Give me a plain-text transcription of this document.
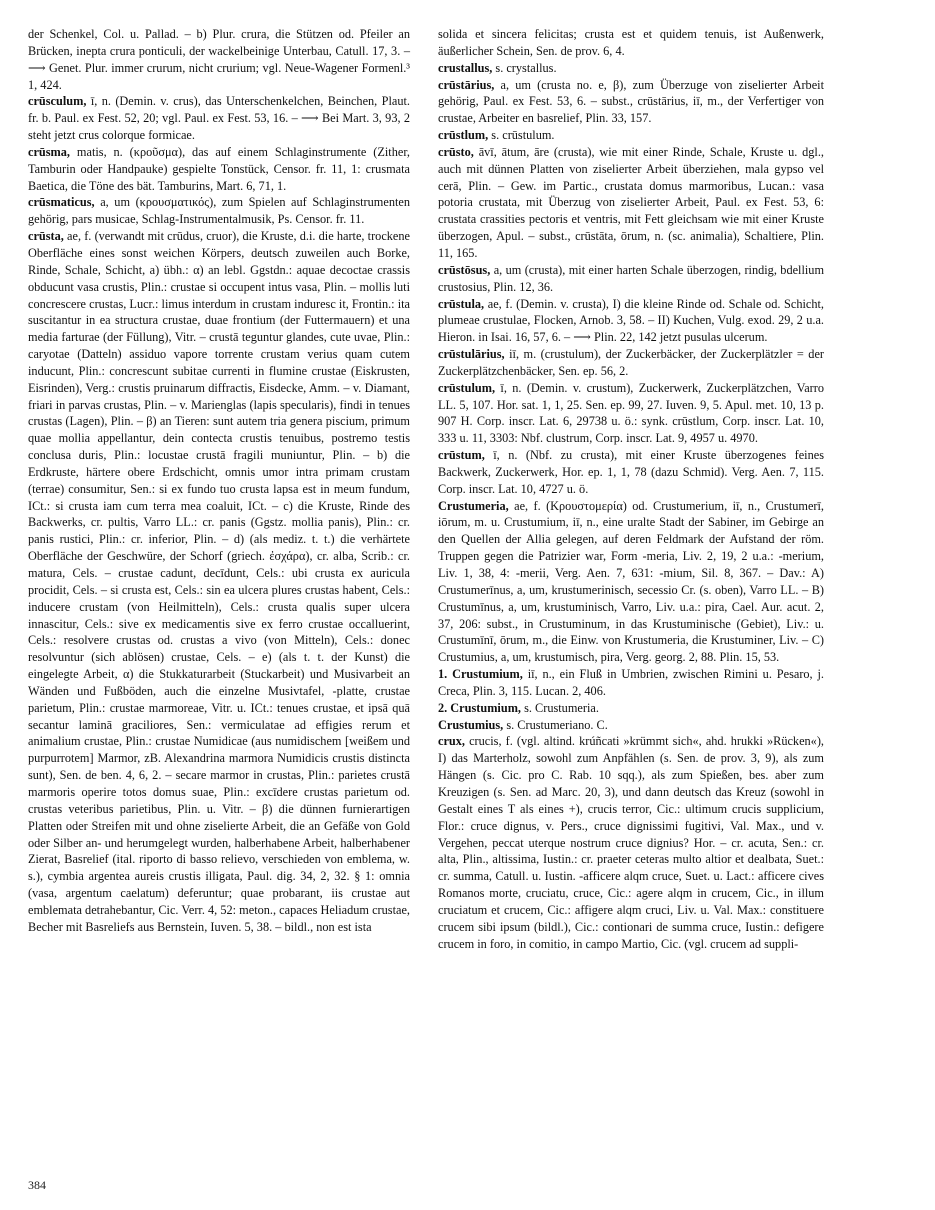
der Schenkel, Col. u. Pallad. – b) Plur. crura, die Stützen od. Pfeiler an Brücken, inepta crura ponticuli, der wackelbeinige Unterbau, Catull. 17, 3. – ⟶ Genet. Plur. immer crurum, nicht crurium; vgl. Neue-Wagener Formenl.³ 1, 424.

crūsculum, ī, n. (Demin. v. crus), das Unterschenkelchen, Beinchen, Plaut. fr. b. Paul. ex Fest. 52, 20; vgl. Paul. ex Fest. 53, 16. – ⟶ Bei Mart. 3, 93, 2 steht jetzt crus colorque formicae.

crūsma, matis, n. (κροῦσμα), das auf einem Schlaginstrumente (Zither, Tamburin oder Handpauke) gespielte Tonstück, Censor. fr. 11, 1: crusmata Baetica, die Töne des bät. Tamburins, Mart. 6, 71, 1.

crūsmaticus, a, um (κρουσματικός), zum Spielen auf Schlaginstrumenten gehörig, pars musicae, Schlag-Instrumentalmusik, Ps. Censor. fr. 11.

crūsta, ae, f. (verwandt mit crūdus, cruor), die Kruste, d.i. die harte, trockene Oberfläche eines sonst weichen Körpers, deutsch zuweilen auch Borke, Rinde, Schale, Schicht, a) übh.: α) an lebl. Ggstdn.: aquae decoctae crassis obducunt vasa crustis, Plin.: crustae si occupent intus vasa, Plin. – mollis luti concrescere crustas, Lucr.: limus interdum in crustam induresc it, Frontin.: ita suscitantur in ea structura crustae, duae frontium (der Futtermauern) et una media farturae (der Füllung), Vitr. – crustā teguntur glandes, cute uvae, Plin.: caryotae (Datteln) assiduo vapore torrente crustam verius quam cutem inducunt, Plin.: concrescunt subitae currenti in flumine crustae (Eiskrusten, Eisrinden), Verg.: crustis pruinarum diffractis, Eisdecke, Amm. – v. Diamant, friari in parvas crustas, Plin. – v. Marienglas (lapis specularis), findi in tenues crustas (Lagen), Plin. – β) an Tieren: sunt autem tria genera piscium, primum quae mollia appellantur, dein contecta crustis tenuibus, postremo testis conclusa duris, Plin.: locustae crustā fragili muniuntur, Plin. – b) die Erdkruste, härtere obere Erdschicht, omnis umor intra primam crustam (terrae) consumitur, Sen.: si ex fundo tuo crusta lapsa est in meum fundum, ICt.: si crusta iam cum terra mea coaluit, ICt. – c) die Kruste, Rinde des Backwerks, cr. pultis, Varro LL.: cr. panis (Ggstz. mollia panis), Plin.: cr. panis rustici, Plin.: cr. inferior, Plin. – d) (als mediz. t. t.) die verhärtete Oberfläche der Geschwüre, der Schorf (griech. ἐσχάρα), cr. alba, Scrib.: cr. matura, Cels. – crustae cadunt, decīdunt, Cels.: ubi crusta ex auricula procidit, Cels. – si crusta est, Cels.: sin ea ulcera plures crustas habent, Cels.: inducere crustam (von Heilmitteln), Cels.: crusta qualis super ulcera innascitur, Cels.: sive ex medicamentis sive ex ferro crustae occalluerint, Cels.: resolvere crustas od. crustas a vivo (von Mitteln), Cels.: donec resolvuntur (sich ablösen) crustae, Cels. – e) (als t. t. der Kunst) die eingelegte Arbeit, α) die Stukkaturarbeit (Stuckarbeit) und Musivarbeit an Wänden und Fußböden, auch die einzelne Musivtafel, -platte, crustae parietum, Plin.: crustae marmoreae, Vitr. u. ICt.: tenues crustae, et ipsā quā secantur laminā graciliores, Sen.: vermiculatae ad effigies rerum et animalium crustae, Plin.: crustae Numidicae (aus numidischem [weißem und purpurrotem] Marmor, zB. Alexandrina marmora Numidicis crustis distincta sunt), Sen. de ben. 4, 6, 2. – secare marmor in crustas, Plin.: parietes crustā marmoris operire totos domus suae, Plin.: excīdere crustas parietum od. crustas veteribus parietibus, Plin. u. Vitr. – β) die dünnen furnierartigen Platten oder Streifen mit und ohne ziselierte Arbeit, die an Gefäße von Gold oder Silber an- und herumgelegt wurden, halberhabene Arbeit, halberhabener Zierat, Basrelief (ital. riporto di basso relievo, verschieden von emblema, w. s.), cymbia argentea aureis crustis illigata, Paul. dig. 34, 2, 32. § 1: omnia (vasa, argentum caelatum) deferuntur; quae probarant, iis crustae aut emblemata detrahebantur, Cic. Verr. 4, 52: meton., capaces Heliadum crustae, Becher mit Basreliefs aus Bernstein, Iuven. 5, 38. – bildl., non est ista

solida et sincera felicitas; crusta est et quidem tenuis, ist Außenwerk, äußerlicher Schein, Sen. de prov. 6, 4.

crustallus, s. crystallus.

crūstārius, a, um (crusta no. e, β), zum Überzuge von ziselierter Arbeit gehörig, Paul. ex Fest. 53, 6. – subst., crūstārius, iī, m., der Verfertiger von crustae, Arbeiter en basrelief, Plin. 33, 157.

crūstlum, s. crūstulum.

crūsto, āvī, ātum, āre (crusta), wie mit einer Rinde, Schale, Kruste u. dgl., auch mit dünnen Platten von ziselierter Arbeit überziehen, mala gypso vel cerā, Plin. – Gew. im Partic., crustata domus marmoribus, Lucan.: vasa potoria crustata, mit Überzug von ziselierter Arbeit, Paul. ex Fest. 53, 6: crustata crassities pectoris et ventris, mit Fett gleichsam wie mit einer Kruste überzogen, Apul. – subst., crūstāta, ōrum, n. (sc. animalia), Schaltiere, Plin. 11, 165.

crūstōsus, a, um (crusta), mit einer harten Schale überzogen, rindig, bdellium crustosius, Plin. 12, 36.

crūstula, ae, f. (Demin. v. crusta), I) die kleine Rinde od. Schale od. Schicht, plumeae crustulae, Flocken, Arnob. 3, 58. – II) Kuchen, Vulg. exod. 29, 2 u.a. Hieron. in Isai. 16, 57, 6. – ⟶ Plin. 22, 142 jetzt pusulas ulcerum.

crūstulārius, iī, m. (crustulum), der Zuckerbäcker, der Zuckerplätzler = der Zuckerplätzchenbäcker, Sen. ep. 56, 2.

crūstulum, ī, n. (Demin. v. crustum), Zuckerwerk, Zuckerplätzchen, Varro LL. 5, 107. Hor. sat. 1, 1, 25. Sen. ep. 99, 27. Iuven. 9, 5. Apul. met. 10, 13 p. 907 H. Corp. inscr. Lat. 6, 29738 u. ö.: synk. crūstlum, Corp. inscr. Lat. 10, 333 u. 11, 3303: Nbf. clustrum, Corp. inscr. Lat. 9, 4957 u. 4970.

crūstum, ī, n. (Nbf. zu crusta), mit einer Kruste überzogenes feines Backwerk, Zuckerwerk, Hor. ep. 1, 1, 78 (dazu Schmid). Verg. Aen. 7, 115. Corp. inscr. Lat. 10, 4727 u. ö.

Crustumeria, ae, f. (Κρουστομερία) od. Crustumerium, iī, n., Crustumerī, iōrum, m. u. Crustumium, iī, n., eine uralte Stadt der Sabiner, im Gebirge an den Quellen der Allia gelegen, auf deren Feldmark der Aufstand der röm. Truppen gegen die Patrizier war, Form -meria, Liv. 2, 19, 2 u.a.: -merium, Liv. 1, 38, 4: -merii, Verg. Aen. 7, 631: -mium, Sil. 8, 367. – Dav.: A) Crustumerīnus, a, um, krustumerinisch, secessio Cr. (s. oben), Varro LL. – B) Crustumīnus, a, um, krustuminisch, Varro, Liv. u.a.: pira, Cael. Aur. acut. 2, 37, 206: subst., in Crustuminum, in das Krustuminische (Gebiet), Liv.: u. Crustumīnī, ōrum, m., die Einw. von Krustumeria, die Krustuminer, Liv. – C) Crustumius, a, um, krustumisch, pira, Verg. georg. 2, 88. Plin. 15, 53.

1. Crustumium, iī, n., ein Fluß in Umbrien, zwischen Rimini u. Pesaro, j. Creca, Plin. 3, 115. Lucan. 2, 406.

2. Crustumium, s. Crustumeria.

Crustumius, s. Crustumeriano. C.

crux, crucis, f. (vgl. altind. krúñcati »krümmt sich«, ahd. hrukki »Rücken«), I) das Marterholz, sowohl zum Anpfählen (s. Sen. de prov. 3, 9), als zum Hängen (s. Cic. pro C. Rab. 10 sqq.), als zum Spießen, bes. aber zum Kreuzigen (s. Sen. ad Marc. 20, 3), und dann deutsch das Kreuz (sowohl in Gestalt eines T als eines +), crucis terror, Cic.: ultimum crucis supplicium, Flor.: cruce dignus, v. Pers., cruce dignissimi fugitivi, Val. Max., und v. Vergehen, peccat uterque nostrum cruce dignius? Hor. – cr. acuta, Sen.: cr. alta, Plin., altissima, Iustin.: cr. praeter ceteras multo altior et dealbata, Suet.: cr. summa, Catull. u. Iustin. -afficere alqm cruce, Suet. u. Lact.: afficere cives Romanos morte, cruciatu, cruce, Cic.: agere alqm in crucem, Cic., in illum cruciatum et crucem, Cic.: affigere alqm cruci, Liv. u. Val. Max.: constituere crucem sibi ipsum (bildl.), Cic.: contionari de summa cruce, Iustin.: defigere crucem in foro, in comitio, in campo Martio, Cic. (vgl. crucem ad suppli-

384
